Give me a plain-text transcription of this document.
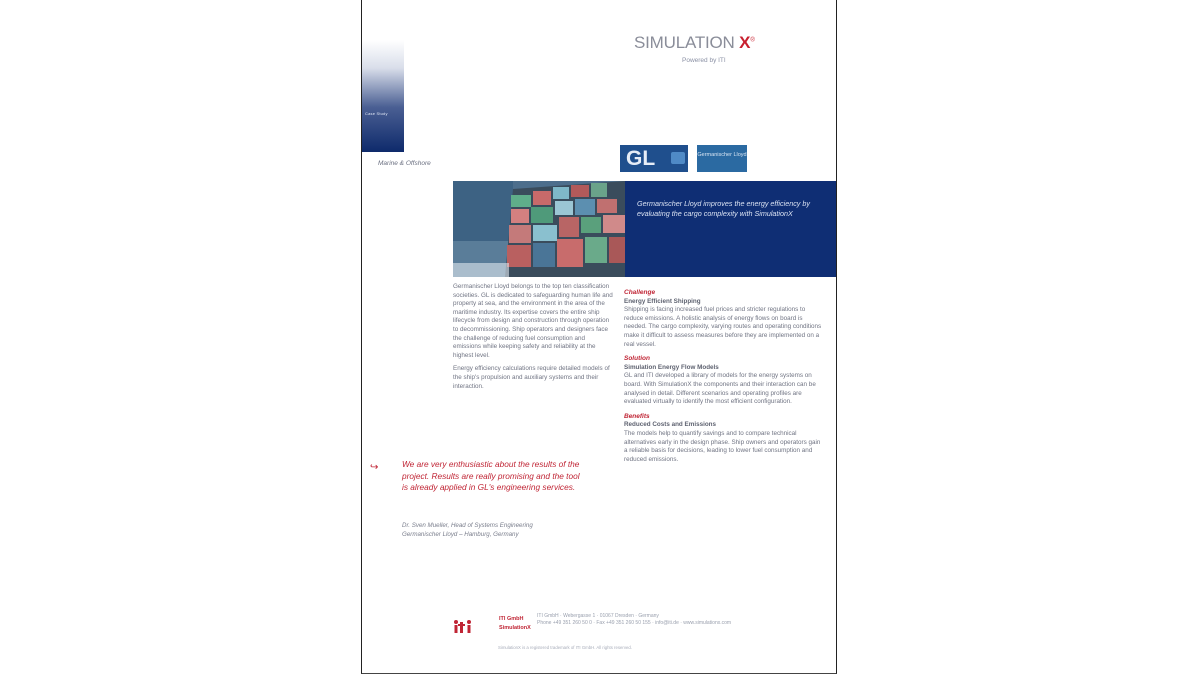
Case Study
Marine & Offshore
SIMULATION X®
Powered by ITI
GL	Germanischer Lloyd
Germanischer Lloyd improves the energy efficiency by evaluating the cargo complexity with SimulationX

Germanischer Lloyd belongs to the top ten classification societies. GL is dedicated to safeguarding human life and property at sea, and the environment in the area of the maritime industry. Its expertise covers the entire ship lifecycle from design and construction through operation to decommissioning. Ship operators and designers face the challenge of reducing fuel consumption and emissions while keeping safety and reliability at the highest level.

Energy efficiency calculations require detailed models of the ship's propulsion and auxiliary systems and their interaction.

↪	We are very enthusiastic about the results of the project. Results are really promising and the tool is already applied in GL's engineering services.
Dr. Sven Mueller, Head of Systems Engineering
Germanischer Lloyd – Hamburg, Germany
Challenge
Energy Efficient Shipping

Shipping is facing increased fuel prices and stricter regulations to reduce emissions. A holistic analysis of energy flows on board is needed. The cargo complexity, varying routes and operating conditions make it difficult to assess measures before they are implemented on a real vessel.

Solution
Simulation Energy Flow Models

GL and ITI developed a library of models for the energy systems on board. With SimulationX the components and their interaction can be analysed in detail. Different scenarios and operating profiles are evaluated virtually to identify the most efficient configuration.

Benefits
Reduced Costs and Emissions

The models help to quantify savings and to compare technical alternatives early in the design phase. Ship owners and operators gain a reliable basis for decisions, leading to lower fuel consumption and reduced emissions.

ITI GmbH
SimulationX
ITI GmbH · Webergasse 1 · 01067 Dresden · Germany
Phone +49 351 260 50 0 · Fax +49 351 260 50 155 · info@iti.de · www.simulationx.com
SimulationX is a registered trademark of ITI GmbH. All rights reserved.
